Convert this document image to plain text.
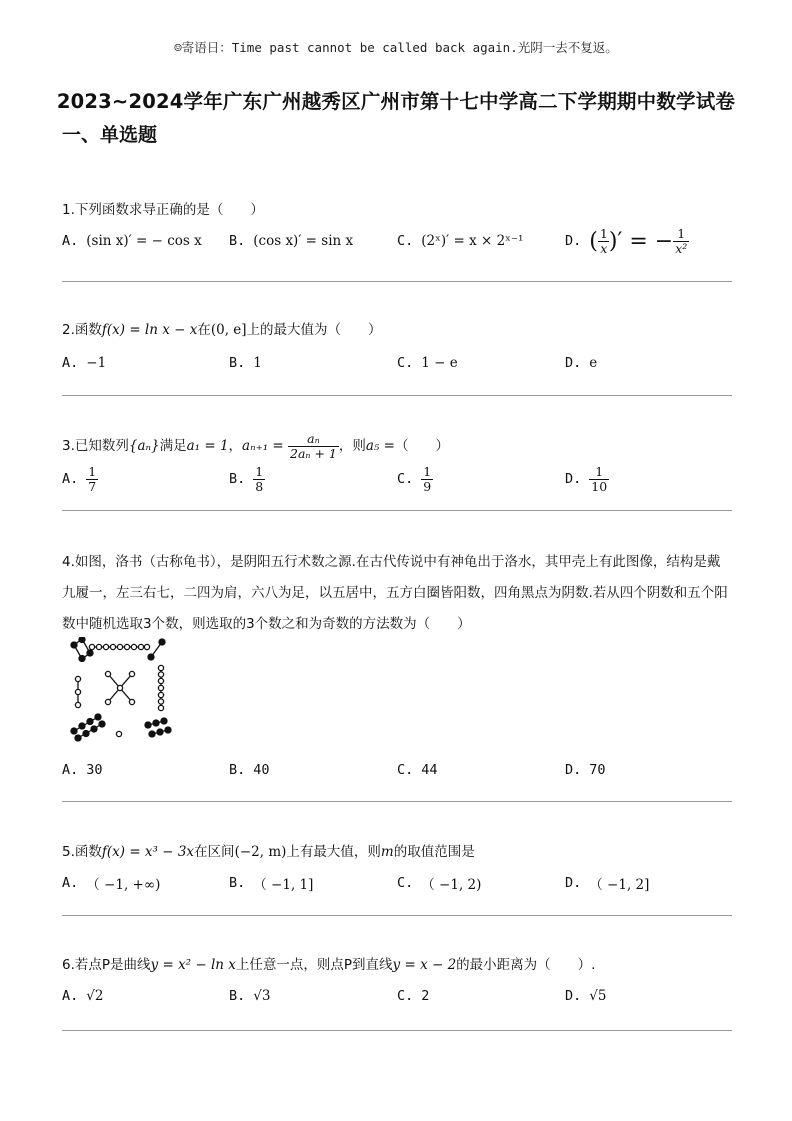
☺寄语日：Time past cannot be called back again.光阴一去不复返。
2023~2024学年广东广州越秀区广州市第十七中学高二下学期期中数学试卷
一、单选题
1.下列函数求导正确的是（　　）
A. (sin x)′ = − cos x B. (cos x)′ = sin x	C. (2ˣ)′ = x × 2ˣ⁻¹	D. ( $\frac{1}{x}$ )′ = − $\frac{1}{\text{x²}}$
2.函数f(x) = ln x − x在(0, e]上的最大值为（　　）
A. −1	B. 1	C. 1 − e	D. e
3. 已知数列 {aₙ} 满足 a₁ = 1 ， aₙ₊₁ =
$\frac{\text{aₙ}}{\text{2aₙ + 1}}$ ，则 a₅ = （　　）
A. $\frac{1}{7}$	B. $\frac{1}{8}$	C. $\frac{1}{9}$	D. $\frac{1}{10}$
4.如图，洛书（古称龟书），是阴阳五行术数之源.在古代传说中有神龟出于洛水，其甲壳上有此图像，结构是戴九履一，左三右七，二四为肩，六八为足，以五居中，五方白圈皆阳数，四角黑点为阴数.若从四个阴数和五个阳数中随机选取3个数，则选取的3个数之和为奇数的方法数为（　　）
A. 30	B. 40	C. 44	D. 70
5.函数f(x) = x³ − 3x在区间(−2, m)上有最大值，则m的取值范围是
A. （ −1, +∞)	B. （ −1, 1]	C. （ −1, 2)	D. （ −1, 2]
6.若点P是曲线y = x² − ln x上任意一点，则点P到直线y = x − 2的最小距离为（　　）.
A. √2	B. √3	C. 2	D. √5
